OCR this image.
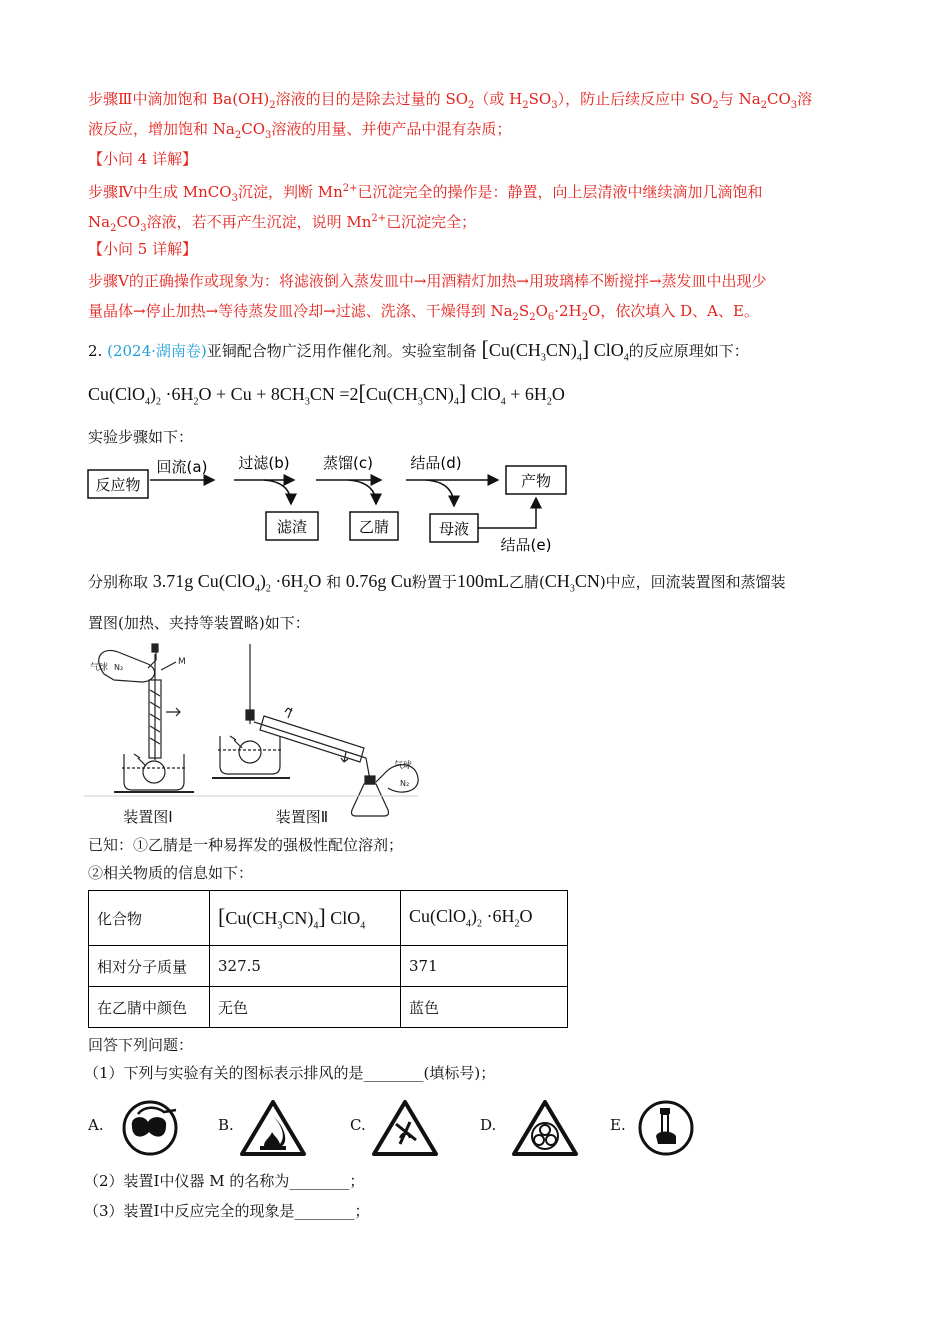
步骤Ⅲ中滴加饱和 $Ba(OH)_2$溶液的目的是除去过量的 $SO_2$（或 $H_2SO_3$），防止后续反应中 $SO_2$与 $Na_2CO_3$溶
液反应，增加饱和 $Na_2CO_3$溶液的用量、并使产品中混有杂质；
【小问 4 详解】
步骤Ⅳ中生成 MnCO$_3$沉淀，判断 $Mn^{2+}$已沉淀完全的操作是：静置，向上层清液中继续滴加几滴饱和
$Na_2CO_3$溶液，若不再产生沉淀，说明 $Mn^{2+}$已沉淀完全；
【小问 5 详解】
步骤Ⅴ的正确操作或现象为：将滤液倒入蒸发皿中→用酒精灯加热→用玻璃棒不断搅拌→蒸发皿中出现少
量晶体→停止加热→等待蒸发皿冷却→过滤、洗涤、干燥得到 $Na_2S_2O_6\cdot 2H_2O$，依次填入 D、A、E。
2. (2024·湖南卷)亚铜配合物广泛用作催化剂。实验室制备 $[Cu(CH_3CN)_4]$ ClO$_4$的反应原理如下：
$Cu(ClO_4)_2 \cdot 6H_2O + Cu + 8CH_3CN =2[Cu(CH_3CN)_4] ClO_4 + 6H_2O$
实验步骤如下：
反应物
回流(a) 过滤(b)
滤渣
蒸馏(c)
乙腈
结品(d)
母液
产物
结品(e)
分别称取 3.71g $Cu(ClO_4)_2 \cdot 6H_2O$ 和 0.76g Cu粉置于100mL乙腈$(CH_3CN)$中应，回流装置图和蒸馏装
置图(加热、夹持等装置略)如下：
气球 N₂
M
气球
N₂
装置图Ⅰ	装置图Ⅱ
已知：①乙腈是一种易挥发的强极性配位溶剂；
②相关物质的信息如下：
化合物	$[Cu(CH_3CN)_4]$ ClO$_4$	$Cu(ClO_4)_2 \cdot 6H_2O$
相对分子质量	327.5	371
在乙腈中颜色	无色	蓝色
回答下列问题：
（1）下列与实验有关的图标表示排风的是________(填标号)；
A.	B.	C.	D.	E.
（2）装置Ⅰ中仪器 M 的名称为________；
（3）装置Ⅰ中反应完全的现象是________；
